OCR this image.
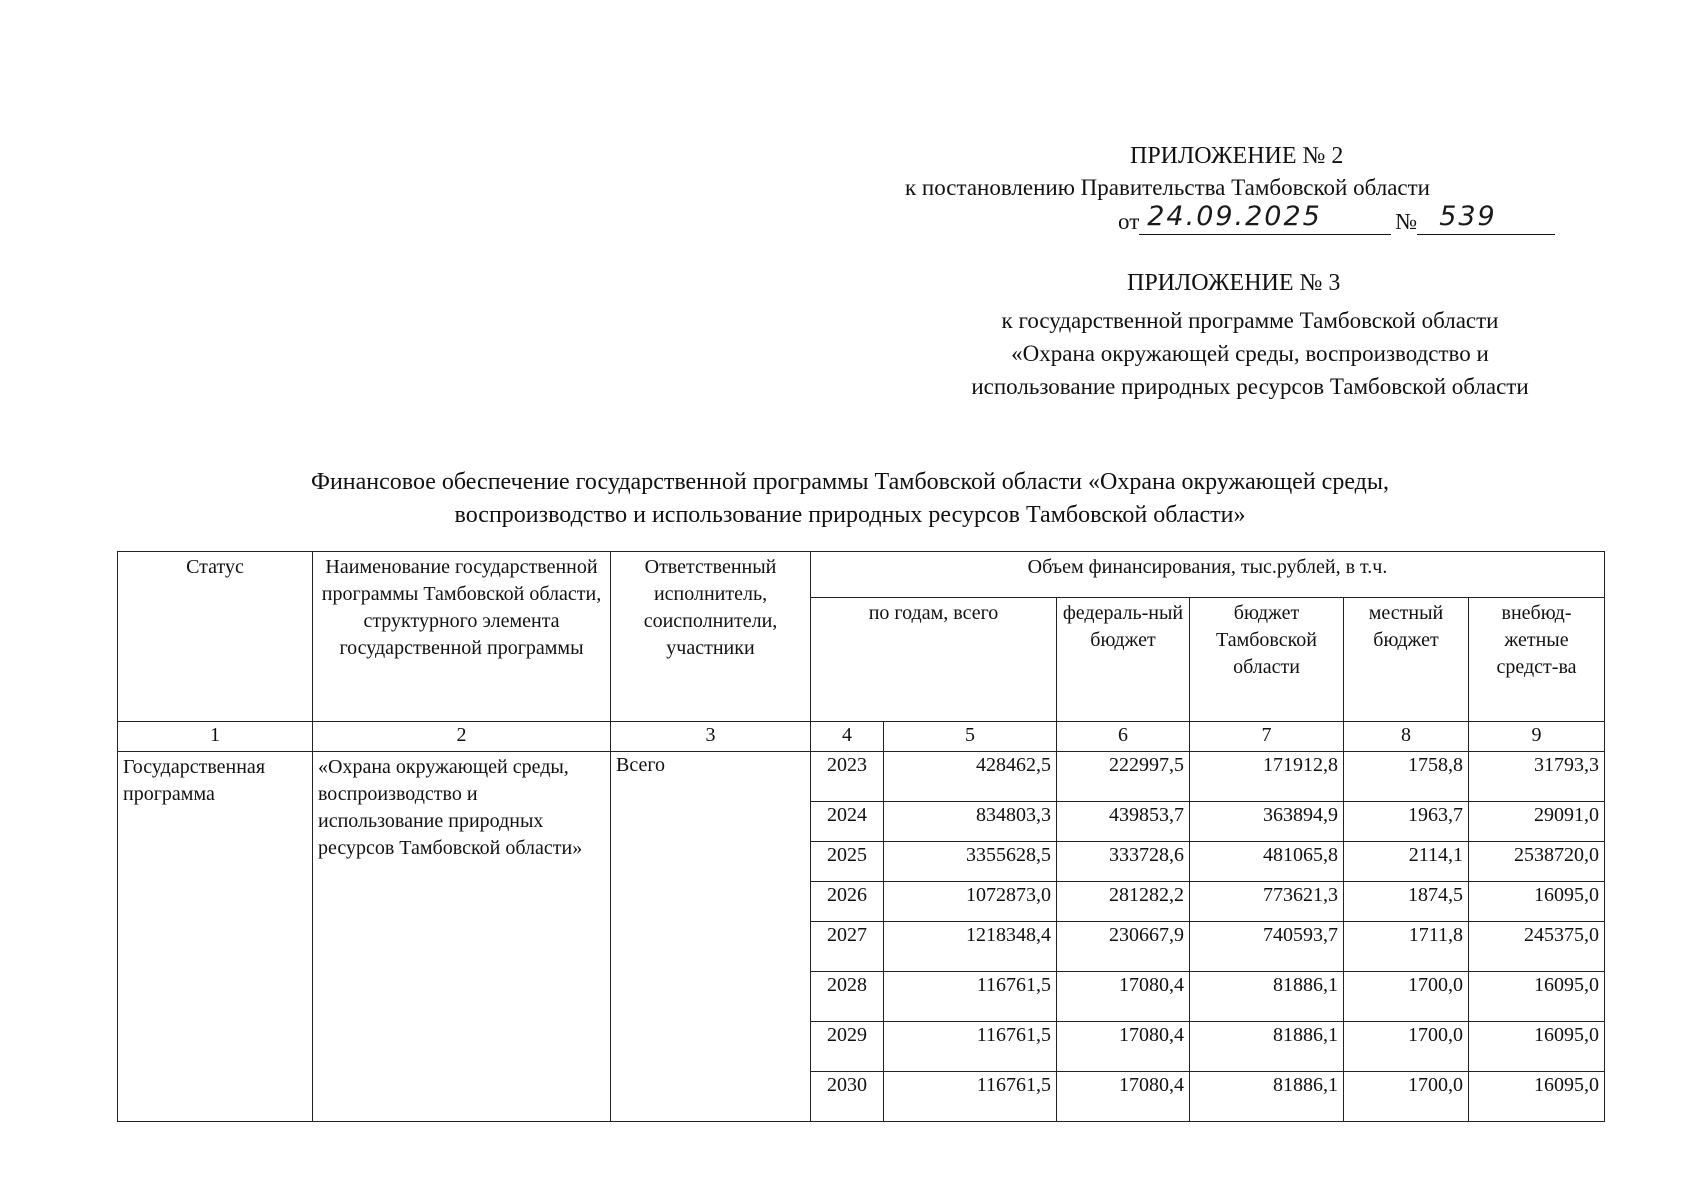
ПРИЛОЖЕНИЕ № 2
к постановлению Правительства Тамбовской области
от 24.09.2025	№ 539
ПРИЛОЖЕНИЕ № 3
к государственной программе Тамбовской области
«Охрана окружающей среды, воспроизводство и
использование природных ресурсов Тамбовской области
Финансовое обеспечение государственной программы Тамбовской области «Охрана окружающей среды,
воспроизводство и использование природных ресурсов Тамбовской области»
Статус	Наименование государственной программы Тамбовской области, структурного элемента государственной программы	Ответственный исполнитель, соисполнители, участники	Объем финансирования, тыс.рублей, в т.ч.					
			по годам, всего		федераль-ный бюджет	бюджет Тамбовской области	местный бюджет	внебюд-жетные средст-ва
1	2	3	4	5	6	7	8	9
Государственная программа	«Охрана окружающей среды, воспроизводство и использование природных ресурсов Тамбовской области»	Всего	2023	428462,5	222997,5	171912,8	1758,8	31793,3
			2024	834803,3	439853,7	363894,9	1963,7	29091,0
			2025	3355628,5	333728,6	481065,8	2114,1	2538720,0
			2026	1072873,0	281282,2	773621,3	1874,5	16095,0
			2027	1218348,4	230667,9	740593,7	1711,8	245375,0
			2028	116761,5	17080,4	81886,1	1700,0	16095,0
			2029	116761,5	17080,4	81886,1	1700,0	16095,0
			2030	116761,5	17080,4	81886,1	1700,0	16095,0
